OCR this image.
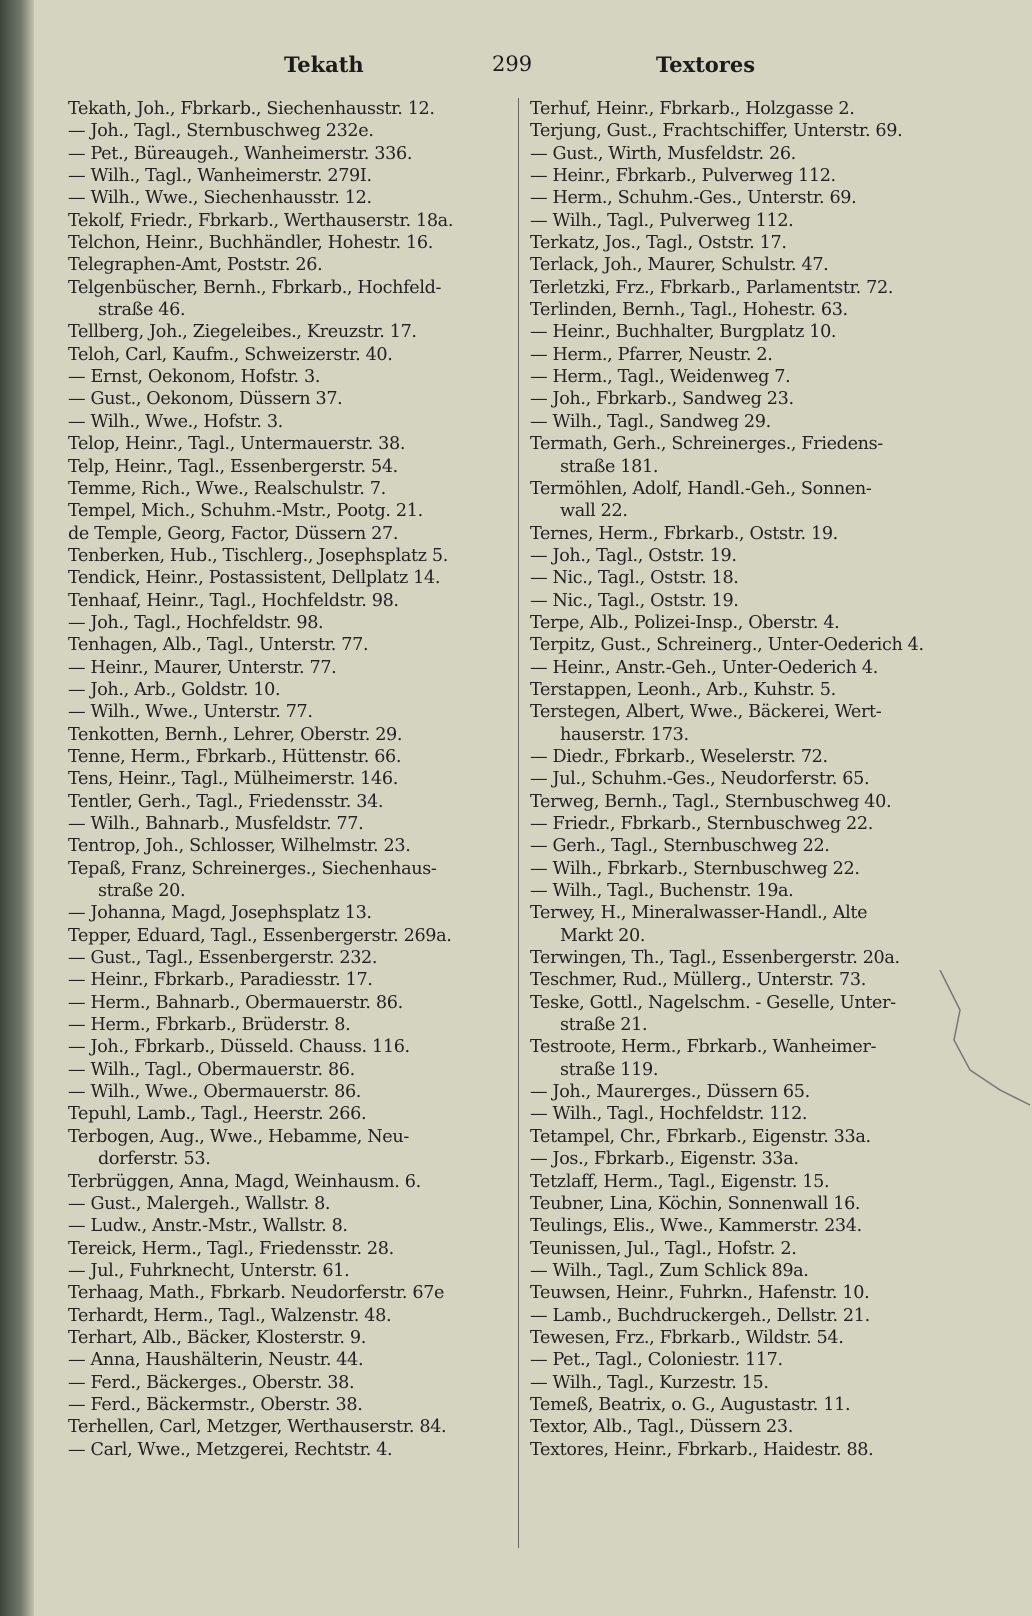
Tekath	299	Textores
Tekath, Joh., Fbrkarb., Siechenhausstr. 12.
— Joh., Tagl., Sternbuschweg 232e.
— Pet., Büreaugeh., Wanheimerstr. 336.
— Wilh., Tagl., Wanheimerstr. 279I.
— Wilh., Wwe., Siechenhausstr. 12.
Tekolf, Friedr., Fbrkarb., Werthauserstr. 18a.
Telchon, Heinr., Buchhändler, Hohestr. 16.
Telegraphen-Amt, Poststr. 26.
Telgenbüscher, Bernh., Fbrkarb., Hochfeld-
straße 46.
Tellberg, Joh., Ziegeleibes., Kreuzstr. 17.
Teloh, Carl, Kaufm., Schweizerstr. 40.
— Ernst, Oekonom, Hofstr. 3.
— Gust., Oekonom, Düssern 37.
— Wilh., Wwe., Hofstr. 3.
Telop, Heinr., Tagl., Untermauerstr. 38.
Telp, Heinr., Tagl., Essenbergerstr. 54.
Temme, Rich., Wwe., Realschulstr. 7.
Tempel, Mich., Schuhm.-Mstr., Pootg. 21.
de Temple, Georg, Factor, Düssern 27.
Tenberken, Hub., Tischlerg., Josephsplatz 5.
Tendick, Heinr., Postassistent, Dellplatz 14.
Tenhaaf, Heinr., Tagl., Hochfeldstr. 98.
— Joh., Tagl., Hochfeldstr. 98.
Tenhagen, Alb., Tagl., Unterstr. 77.
— Heinr., Maurer, Unterstr. 77.
— Joh., Arb., Goldstr. 10.
— Wilh., Wwe., Unterstr. 77.
Tenkotten, Bernh., Lehrer, Oberstr. 29.
Tenne, Herm., Fbrkarb., Hüttenstr. 66.
Tens, Heinr., Tagl., Mülheimerstr. 146.
Tentler, Gerh., Tagl., Friedensstr. 34.
— Wilh., Bahnarb., Musfeldstr. 77.
Tentrop, Joh., Schlosser, Wilhelmstr. 23.
Tepaß, Franz, Schreinerges., Siechenhaus-
straße 20.
— Johanna, Magd, Josephsplatz 13.
Tepper, Eduard, Tagl., Essenbergerstr. 269a.
— Gust., Tagl., Essenbergerstr. 232.
— Heinr., Fbrkarb., Paradiesstr. 17.
— Herm., Bahnarb., Obermauerstr. 86.
— Herm., Fbrkarb., Brüderstr. 8.
— Joh., Fbrkarb., Düsseld. Chauss. 116.
— Wilh., Tagl., Obermauerstr. 86.
— Wilh., Wwe., Obermauerstr. 86.
Tepuhl, Lamb., Tagl., Heerstr. 266.
Terbogen, Aug., Wwe., Hebamme, Neu-
dorferstr. 53.
Terbrüggen, Anna, Magd, Weinhausm. 6.
— Gust., Malergeh., Wallstr. 8.
— Ludw., Anstr.-Mstr., Wallstr. 8.
Tereick, Herm., Tagl., Friedensstr. 28.
— Jul., Fuhrknecht, Unterstr. 61.
Terhaag, Math., Fbrkarb. Neudorferstr. 67e
Terhardt, Herm., Tagl., Walzenstr. 48.
Terhart, Alb., Bäcker, Klosterstr. 9.
— Anna, Haushälterin, Neustr. 44.
— Ferd., Bäckerges., Oberstr. 38.
— Ferd., Bäckermstr., Oberstr. 38.
Terhellen, Carl, Metzger, Werthauserstr. 84.
— Carl, Wwe., Metzgerei, Rechtstr. 4.
Terhuf, Heinr., Fbrkarb., Holzgasse 2.
Terjung, Gust., Frachtschiffer, Unterstr. 69.
— Gust., Wirth, Musfeldstr. 26.
— Heinr., Fbrkarb., Pulverweg 112.
— Herm., Schuhm.-Ges., Unterstr. 69.
— Wilh., Tagl., Pulverweg 112.
Terkatz, Jos., Tagl., Oststr. 17.
Terlack, Joh., Maurer, Schulstr. 47.
Terletzki, Frz., Fbrkarb., Parlamentstr. 72.
Terlinden, Bernh., Tagl., Hohestr. 63.
— Heinr., Buchhalter, Burgplatz 10.
— Herm., Pfarrer, Neustr. 2.
— Herm., Tagl., Weidenweg 7.
— Joh., Fbrkarb., Sandweg 23.
— Wilh., Tagl., Sandweg 29.
Termath, Gerh., Schreinerges., Friedens-
straße 181.
Termöhlen, Adolf, Handl.-Geh., Sonnen-
wall 22.
Ternes, Herm., Fbrkarb., Oststr. 19.
— Joh., Tagl., Oststr. 19.
— Nic., Tagl., Oststr. 18.
— Nic., Tagl., Oststr. 19.
Terpe, Alb., Polizei-Insp., Oberstr. 4.
Terpitz, Gust., Schreinerg., Unter-Oederich 4.
— Heinr., Anstr.-Geh., Unter-Oederich 4.
Terstappen, Leonh., Arb., Kuhstr. 5.
Terstegen, Albert, Wwe., Bäckerei, Wert-
hauserstr. 173.
— Diedr., Fbrkarb., Weselerstr. 72.
— Jul., Schuhm.-Ges., Neudorferstr. 65.
Terweg, Bernh., Tagl., Sternbuschweg 40.
— Friedr., Fbrkarb., Sternbuschweg 22.
— Gerh., Tagl., Sternbuschweg 22.
— Wilh., Fbrkarb., Sternbuschweg 22.
— Wilh., Tagl., Buchenstr. 19a.
Terwey, H., Mineralwasser-Handl., Alte
Markt 20.
Terwingen, Th., Tagl., Essenbergerstr. 20a.
Teschmer, Rud., Müllerg., Unterstr. 73.
Teske, Gottl., Nagelschm. - Geselle, Unter-
straße 21.
Testroote, Herm., Fbrkarb., Wanheimer-
straße 119.
— Joh., Maurerges., Düssern 65.
— Wilh., Tagl., Hochfeldstr. 112.
Tetampel, Chr., Fbrkarb., Eigenstr. 33a.
— Jos., Fbrkarb., Eigenstr. 33a.
Tetzlaff, Herm., Tagl., Eigenstr. 15.
Teubner, Lina, Köchin, Sonnenwall 16.
Teulings, Elis., Wwe., Kammerstr. 234.
Teunissen, Jul., Tagl., Hofstr. 2.
— Wilh., Tagl., Zum Schlick 89a.
Teuwsen, Heinr., Fuhrkn., Hafenstr. 10.
— Lamb., Buchdruckergeh., Dellstr. 21.
Tewesen, Frz., Fbrkarb., Wildstr. 54.
— Pet., Tagl., Coloniestr. 117.
— Wilh., Tagl., Kurzestr. 15.
Temeß, Beatrix, o. G., Augustastr. 11.
Textor, Alb., Tagl., Düssern 23.
Textores, Heinr., Fbrkarb., Haidestr. 88.
